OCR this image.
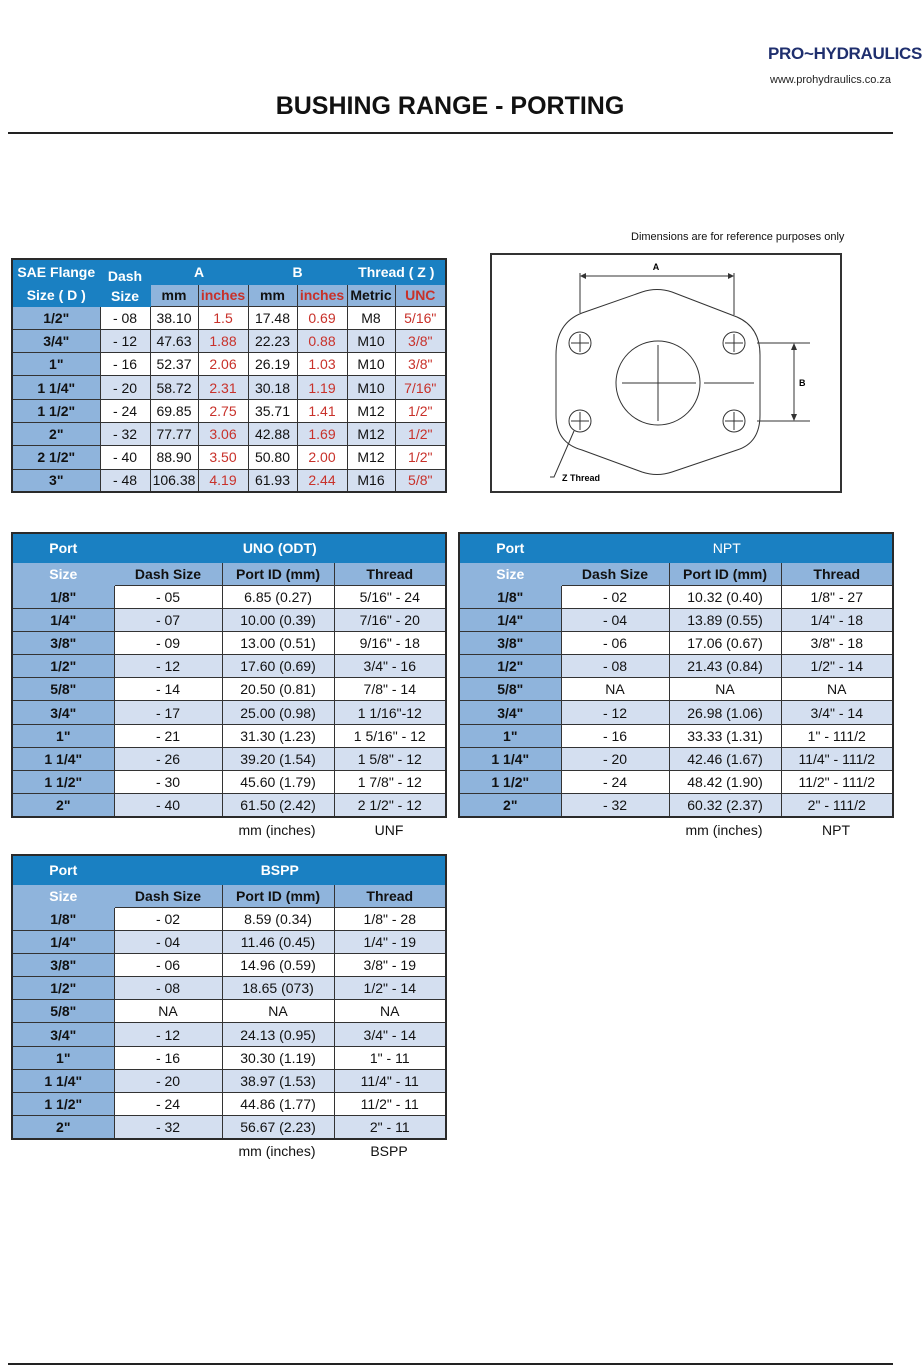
PRO~HYDRAULICS
www.prohydraulics.co.za
BUSHING RANGE - PORTING
Dimensions are for reference purposes only
SAE Flange	Dash
Size	A		B		Thread ( Z )	
Size ( D )		mm	inches	mm	inches	Metric	UNC
1/2"	- 08	38.10	1.5	17.48	0.69	M8	5/16"
3/4"	- 12	47.63	1.88	22.23	0.88	M10	3/8"
1"	- 16	52.37	2.06	26.19	1.03	M10	3/8"
1 1/4"	- 20	58.72	2.31	30.18	1.19	M10	7/16"
1 1/2"	- 24	69.85	2.75	35.71	1.41	M12	1/2"
2"	- 32	77.77	3.06	42.88	1.69	M12	1/2"
2 1/2"	- 40	88.90	3.50	50.80	2.00	M12	1/2"
3"	- 48	106.38	4.19	61.93	2.44	M16	5/8"
A
B
Z Thread
Port	UNO (ODT)		
Size	Dash Size	Port ID (mm)	Thread
1/8"	- 05	6.85 (0.27)	5/16" - 24
1/4"	- 07	10.00 (0.39)	7/16" - 20
3/8"	- 09	13.00 (0.51)	9/16" - 18
1/2"	- 12	17.60 (0.69)	3/4" - 16
5/8"	- 14	20.50 (0.81)	7/8" - 14
3/4"	- 17	25.00 (0.98)	1 1/16"-12
1"	- 21	31.30 (1.23)	1 5/16" - 12
1 1/4"	- 26	39.20 (1.54)	1 5/8" - 12
1 1/2"	- 30	45.60 (1.79)	1 7/8" - 12
2"	- 40	61.50 (2.42)	2 1/2" - 12
mm (inches)	UNF
Port	NPT		
Size	Dash Size	Port ID (mm)	Thread
1/8"	- 02	10.32 (0.40)	1/8" - 27
1/4"	- 04	13.89 (0.55)	1/4" - 18
3/8"	- 06	17.06 (0.67)	3/8" - 18
1/2"	- 08	21.43 (0.84)	1/2" - 14
5/8"	NA	NA	NA
3/4"	- 12	26.98 (1.06)	3/4" - 14
1"	- 16	33.33 (1.31)	1" - 111/2
1 1/4"	- 20	42.46 (1.67)	11/4" - 111/2
1 1/2"	- 24	48.42 (1.90)	11/2" - 111/2
2"	- 32	60.32 (2.37)	2" - 111/2
mm (inches)	NPT
Port	BSPP		
Size	Dash Size	Port ID (mm)	Thread
1/8"	- 02	8.59 (0.34)	1/8" - 28
1/4"	- 04	11.46 (0.45)	1/4" - 19
3/8"	- 06	14.96 (0.59)	3/8" - 19
1/2"	- 08	18.65 (073)	1/2" - 14
5/8"	NA	NA	NA
3/4"	- 12	24.13 (0.95)	3/4" - 14
1"	- 16	30.30 (1.19)	1" - 11
1 1/4"	- 20	38.97 (1.53)	11/4" - 11
1 1/2"	- 24	44.86 (1.77)	11/2" - 11
2"	- 32	56.67 (2.23)	2" - 11
mm (inches)	BSPP
